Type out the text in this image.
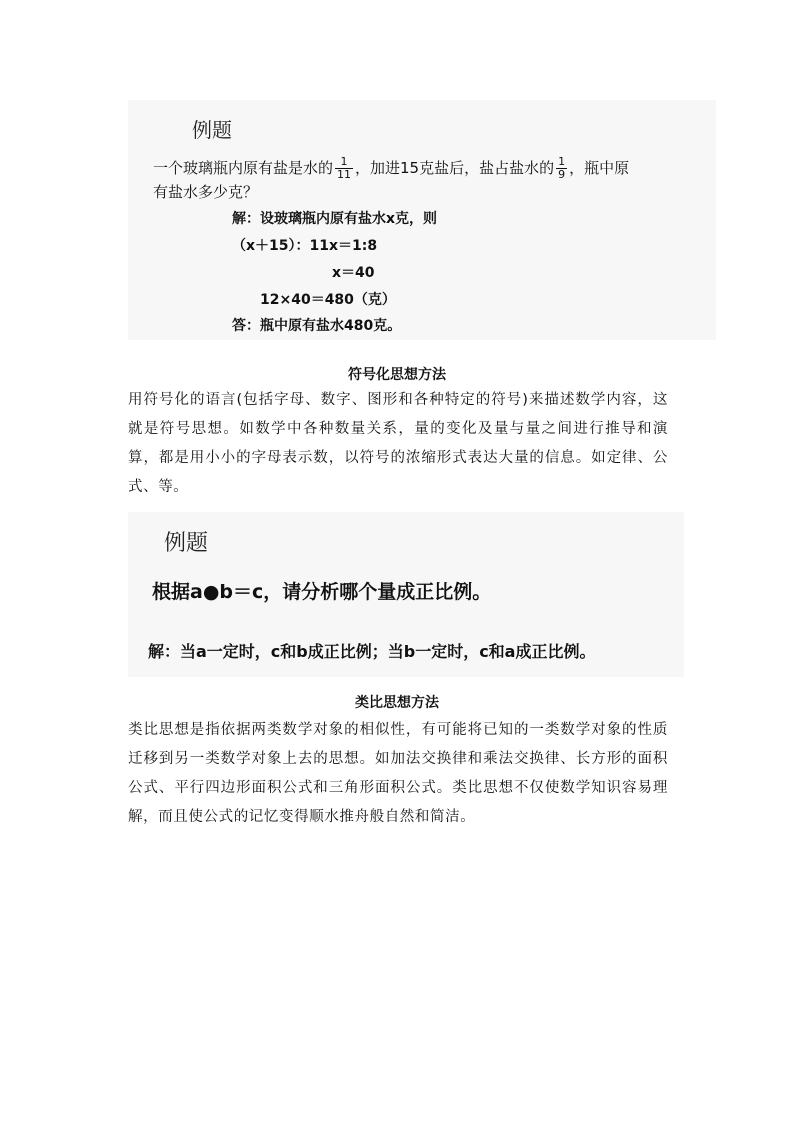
例题
一个玻璃瓶内原有盐是水的 $\frac{1}{11}$ ，加进15克盐后，盐占盐水的 $\frac{1}{9}$ ，瓶中原
有盐水多少克？
解：设玻璃瓶内原有盐水x克，则
（x＋15）：11x＝1:8
x＝40
12×40＝480（克）
答：瓶中原有盐水480克。
符号化思想方法
用符号化的语言(包括字母、数字、图形和各种特定的符号)来描述数学内容，这就是符号思想。如数学中各种数量关系，量的变化及量与量之间进行推导和演算，都是用小小的字母表示数，以符号的浓缩形式表达大量的信息。如定律、公式、等。
例题
根据a●b＝c，请分析哪个量成正比例。
解：当a一定时，c和b成正比例；当b一定时，c和a成正比例。
类比思想方法
类比思想是指依据两类数学对象的相似性，有可能将已知的一类数学对象的性质迁移到另一类数学对象上去的思想。如加法交换律和乘法交换律、长方形的面积公式、平行四边形面积公式和三角形面积公式。类比思想不仅使数学知识容易理解，而且使公式的记忆变得顺水推舟般自然和简洁。
